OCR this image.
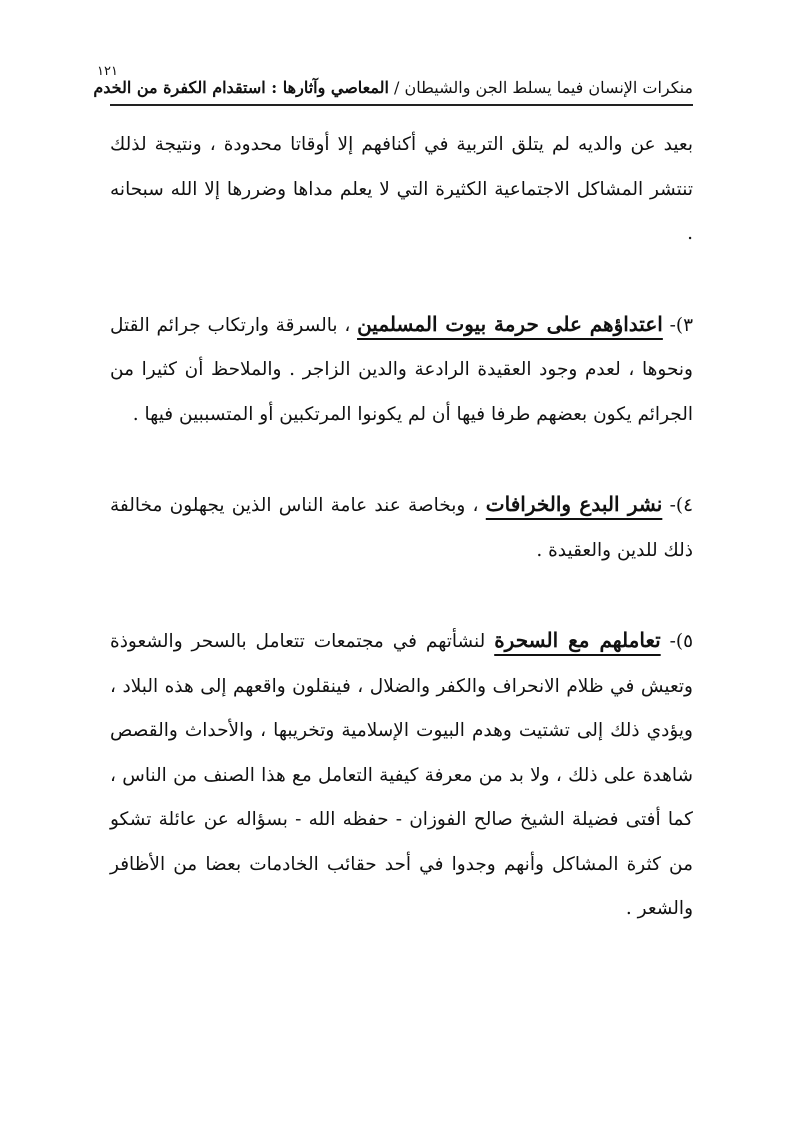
١٢١
منكرات الإنسان فيما يسلط الجن والشيطان / المعاصي وآثارها : استقدام الكفرة من الخدم

بعيد عن والديه لم يتلق التربية في أكنافهم إلا أوقاتا محدودة ، ونتيجة لذلك تنتشر المشاكل الاجتماعية الكثيرة التي لا يعلم مداها وضررها إلا الله سبحانه .

٣)- اعتداؤهم على حرمة بيوت المسلمين ، بالسرقة وارتكاب جرائم القتل ونحوها ، لعدم وجود العقيدة الرادعة والدين الزاجر . والملاحظ أن كثيرا من الجرائم يكون بعضهم طرفا فيها أن لم يكونوا المرتكبين أو المتسببين فيها .

٤)- نشر البدع والخرافات ، وبخاصة عند عامة الناس الذين يجهلون مخالفة ذلك للدين والعقيدة .

٥)- تعاملهم مع السحرة لنشأتهم في مجتمعات تتعامل بالسحر والشعوذة وتعيش في ظلام الانحراف والكفر والضلال ، فينقلون واقعهم إلى هذه البلاد ، ويؤدي ذلك إلى تشتيت وهدم البيوت الإسلامية وتخريبها ، والأحداث والقصص شاهدة على ذلك ، ولا بد من معرفة كيفية التعامل مع هذا الصنف من الناس ، كما أفتى فضيلة الشيخ صالح الفوزان - حفظه الله - بسؤاله عن عائلة تشكو من كثرة المشاكل وأنهم وجدوا في أحد حقائب الخادمات بعضا من الأظافر والشعر .
